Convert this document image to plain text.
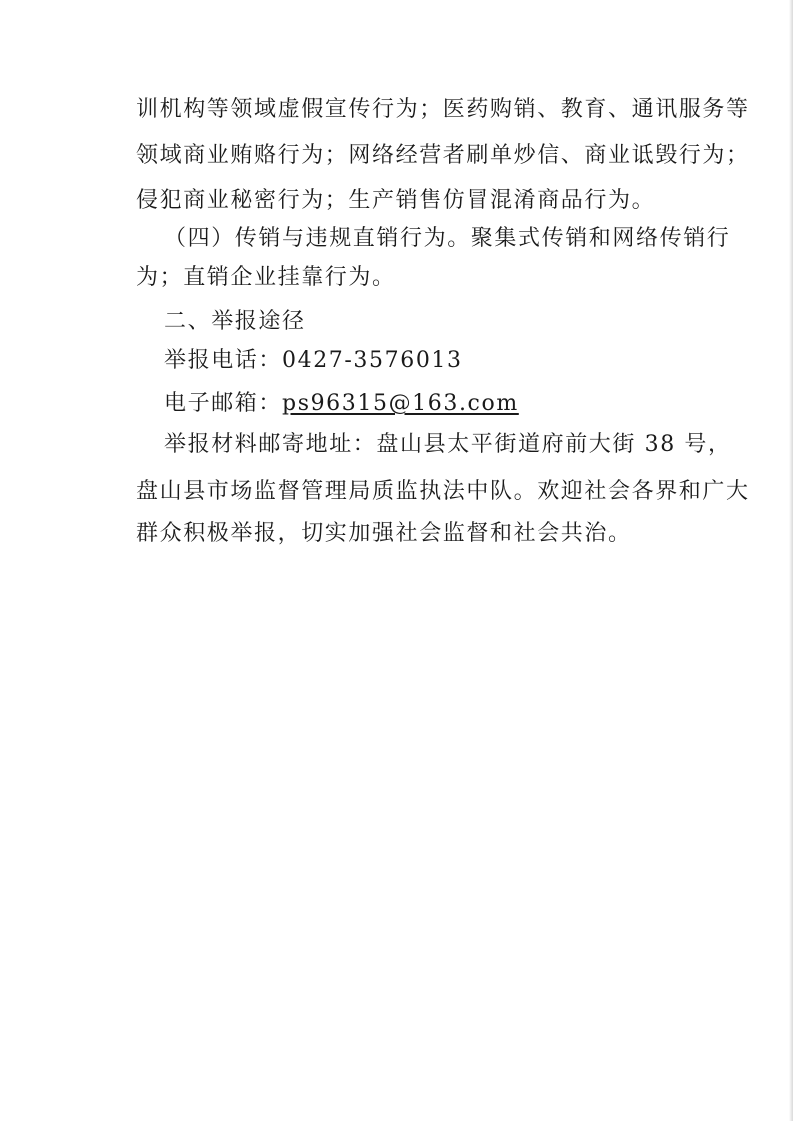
训机构等领域虚假宣传行为；医药购销、教育、通讯服务等
领域商业贿赂行为；网络经营者刷单炒信、商业诋毁行为；
侵犯商业秘密行为；生产销售仿冒混淆商品行为。
（四）传销与违规直销行为。聚集式传销和网络传销行
为；直销企业挂靠行为。
二、举报途径
举报电话：0427-3576013
电子邮箱：ps96315@163.com
举报材料邮寄地址：盘山县太平街道府前大街 38 号，
盘山县市场监督管理局质监执法中队。欢迎社会各界和广大
群众积极举报，切实加强社会监督和社会共治。
